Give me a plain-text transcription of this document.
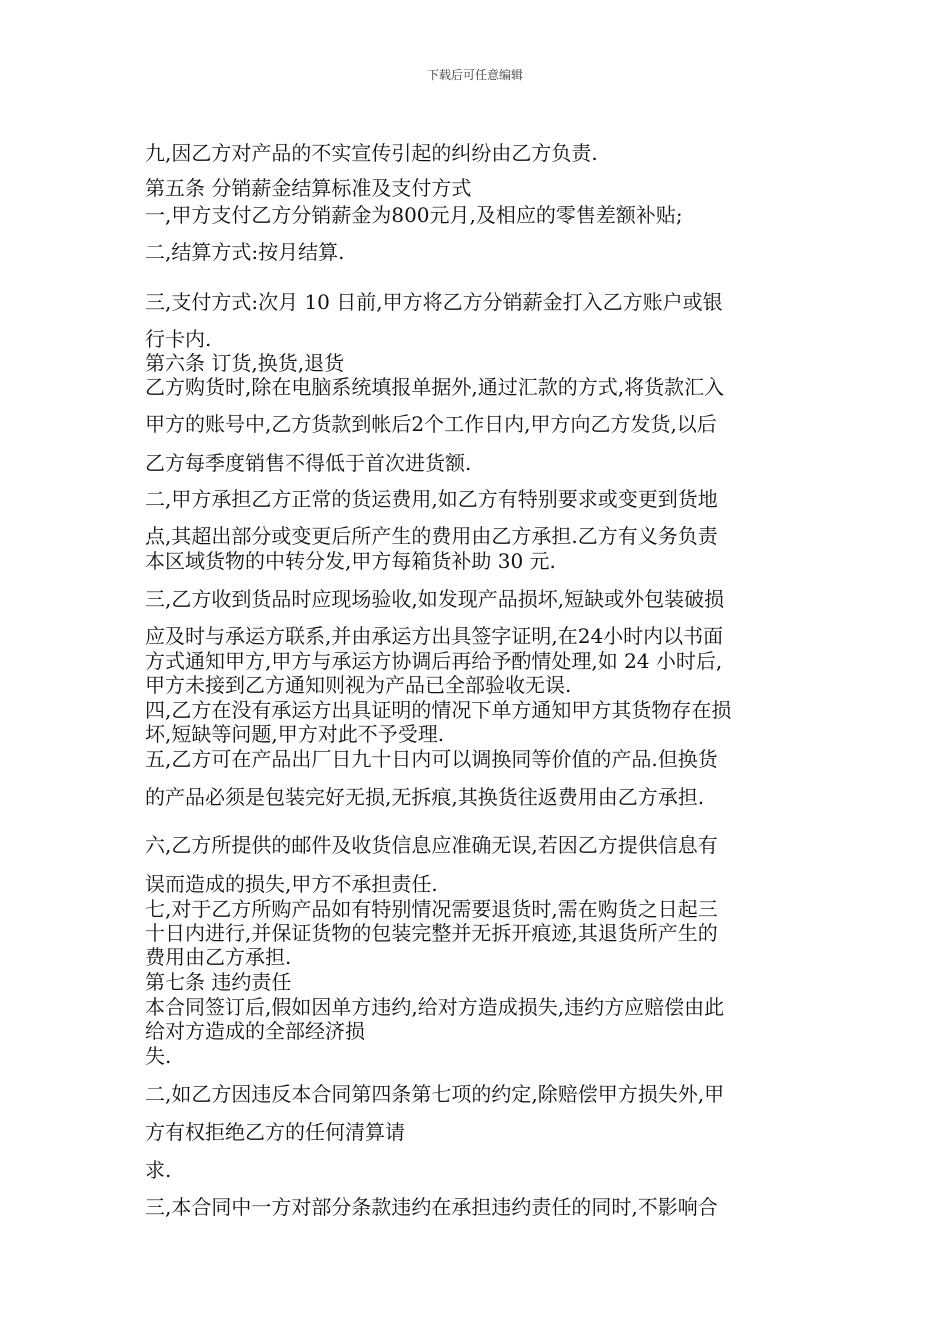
下载后可任意编辑
九,因乙方对产品的不实宣传引起的纠纷由乙方负责.
第五条 分销薪金结算标准及支付方式
一,甲方支付乙方分销薪金为800元月,及相应的零售差额补贴;
二,结算方式:按月结算.
三,支付方式:次月 10 日前,甲方将乙方分销薪金打入乙方账户或银
行卡内.
第六条 订货,换货,退货
乙方购货时,除在电脑系统填报单据外,通过汇款的方式,将货款汇入
甲方的账号中,乙方货款到帐后2个工作日内,甲方向乙方发货,以后
乙方每季度销售不得低于首次进货额.
二,甲方承担乙方正常的货运费用,如乙方有特别要求或变更到货地
点,其超出部分或变更后所产生的费用由乙方承担.乙方有义务负责
本区域货物的中转分发,甲方每箱货补助 30 元.
三,乙方收到货品时应现场验收,如发现产品损坏,短缺或外包装破损
应及时与承运方联系,并由承运方出具签字证明,在24小时内以书面
方式通知甲方,甲方与承运方协调后再给予酌情处理,如 24 小时后,
甲方未接到乙方通知则视为产品已全部验收无误.
四,乙方在没有承运方出具证明的情况下单方通知甲方其货物存在损
坏,短缺等问题,甲方对此不予受理.
五,乙方可在产品出厂日九十日内可以调换同等价值的产品.但换货
的产品必须是包装完好无损,无拆痕,其换货往返费用由乙方承担.
六,乙方所提供的邮件及收货信息应准确无误,若因乙方提供信息有
误而造成的损失,甲方不承担责任.
七,对于乙方所购产品如有特别情况需要退货时,需在购货之日起三
十日内进行,并保证货物的包装完整并无拆开痕迹,其退货所产生的
费用由乙方承担.
第七条 违约责任
本合同签订后,假如因单方违约,给对方造成损失,违约方应赔偿由此
给对方造成的全部经济损
失.
二,如乙方因违反本合同第四条第七项的约定,除赔偿甲方损失外,甲
方有权拒绝乙方的任何清算请
求.
三,本合同中一方对部分条款违约在承担违约责任的同时,不影响合
